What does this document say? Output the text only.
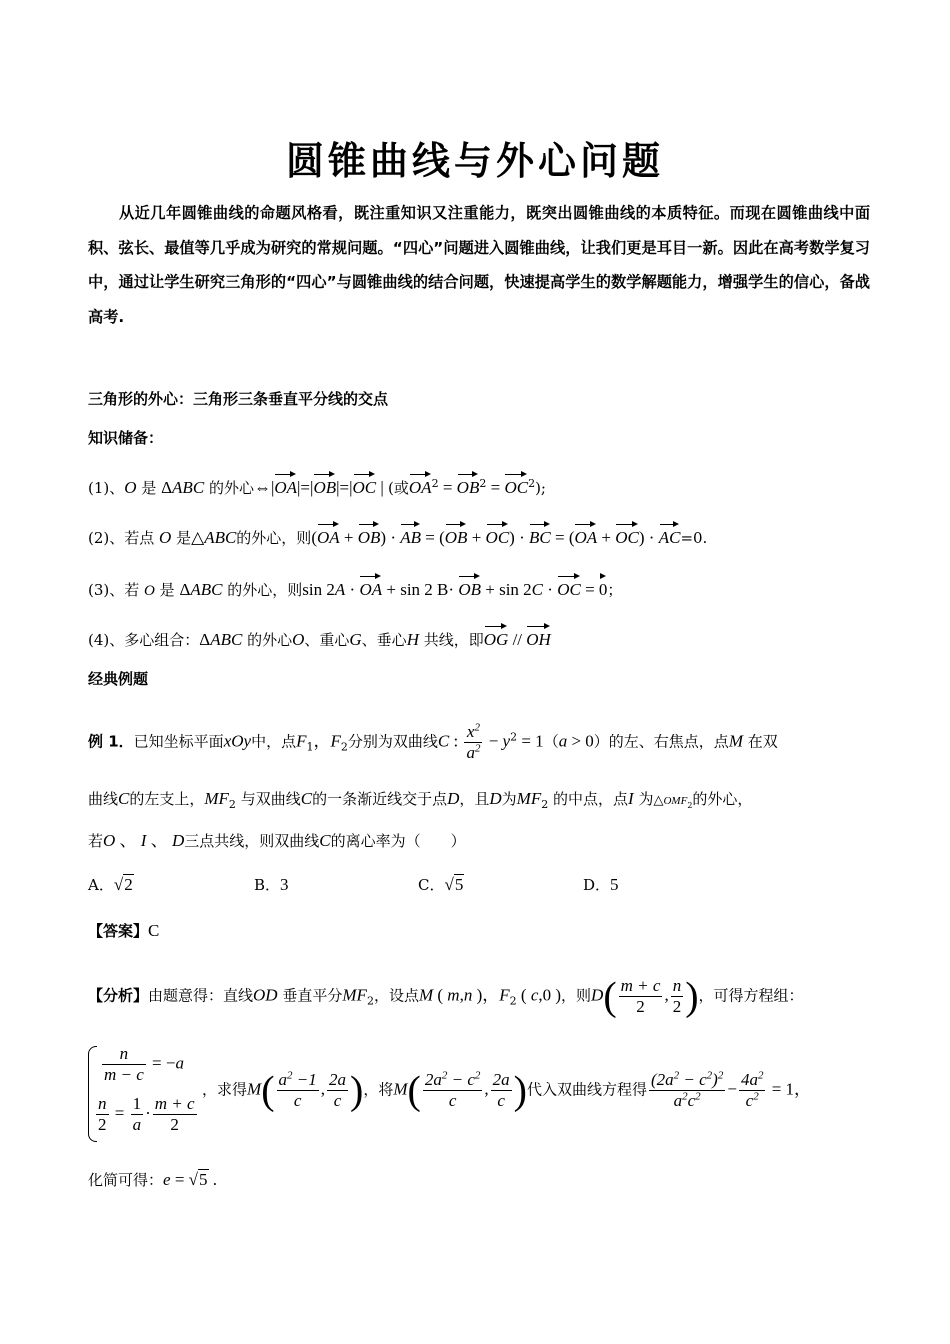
圆锥曲线与外心问题

从近几年圆锥曲线的命题风格看，既注重知识又注重能力，既突出圆锥曲线的本质特征。而现在圆锥曲线中面积、弦长、最值等几乎成为研究的常规问题。“四心”问题进入圆锥曲线，让我们更是耳目一新。因此在高考数学复习中，通过让学生研究三角形的“四心”与圆锥曲线的结合问题，快速提高学生的数学解题能力，增强学生的信心，备战高考.

三角形的外心：三角形三条垂直平分线的交点
知识储备：
(1)、O 是 ΔABC 的外心⇔|OA|=|OB|=|OC | (或$OA^2 = OB^2 = OC^2$);
(2)、若点 O 是△ABC的外心，则(OA + OB) · AB = (OB + OC) · BC = (OA + OC) · AC=0.
(3)、若 O 是 ΔABC 的外心，则sin 2A · OA + sin 2 B· OB + sin 2C · OC = 0；
(4)、多心组合：ΔABC 的外心O、重心G、垂心H 共线，即OG // OH
经典例题
例 1．已知坐标平面xOy中，点$F_1$，$F_2$分别为双曲线C : $\frac{x^2}{a^2} - y^2 = 1(a > 0)$的左、右焦点，点M 在双
曲线C的左支上，$MF_2$ 与双曲线C的一条渐近线交于点D，且D为$MF_2$ 的中点，点I 为$\triangle OMF_2$的外心，
若O 、 I 、 D三点共线，则双曲线C的离心率为（　　）
A．√2	B．3	C．√5	D．5
【答案】C
【分析】由题意得：直线OD 垂直平分$MF_2$，设点M ( m,n )，$F_2$ ( c,0 )，则$D( \frac{m + c}{2}$ , $\frac{n}{2}$ )，可得方程组：
$\frac{n}{m - c} = -a$
$\frac{n}{2} = \frac{1}{a} \cdot \frac{m + c}{2}$
，求得$M( \frac{a^2 -1}{c}$ , $\frac{2a}{c}$ )，将$M( \frac{2a^2 - c^2}{c}$ , $\frac{2a}{c}$ )代入双曲线方程得 $\frac{(2a^2 - c^2)^2}{a^2c^2} - \frac{4a^2}{c^2} = 1$，
化简可得：e = √5 .
